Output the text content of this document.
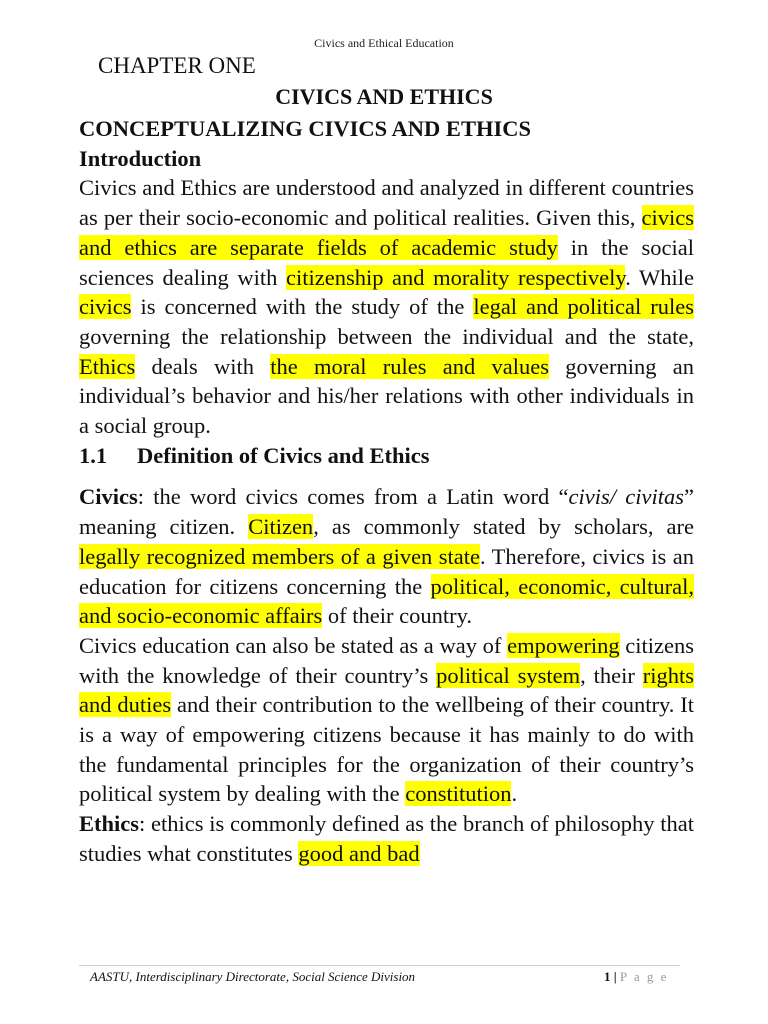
Civics and Ethical Education
CHAPTER ONE
CIVICS AND ETHICS

CONCEPTUALIZING CIVICS AND ETHICS

Introduction

Civics and Ethics are understood and analyzed in different countries as per their socio-economic and political realities. Given this, civics and ethics are separate fields of academic study in the social sciences dealing with citizenship and morality respectively. While civics is concerned with the study of the legal and political rules governing the relationship between the individual and the state, Ethics deals with the moral rules and values governing an individual’s behavior and his/her relations with other individuals in a social group.

1.1	Definition of Civics and Ethics

Civics: the word civics comes from a Latin word “civis/ civitas” meaning citizen. Citizen, as commonly stated by scholars, are legally recognized members of a given state. Therefore, civics is an education for citizens concerning the political, economic, cultural, and socio-economic affairs of their country.

Civics education can also be stated as a way of empowering citizens with the knowledge of their country’s political system, their rights and duties and their contribution to the wellbeing of their country. It is a way of empowering citizens because it has mainly to do with the fundamental principles for the organization of their country’s political system by dealing with the constitution.

Ethics: ethics is commonly defined as the branch of philosophy that studies what constitutes good and bad

AASTU, Interdisciplinary Directorate, Social Science Division	1 | P a g e
